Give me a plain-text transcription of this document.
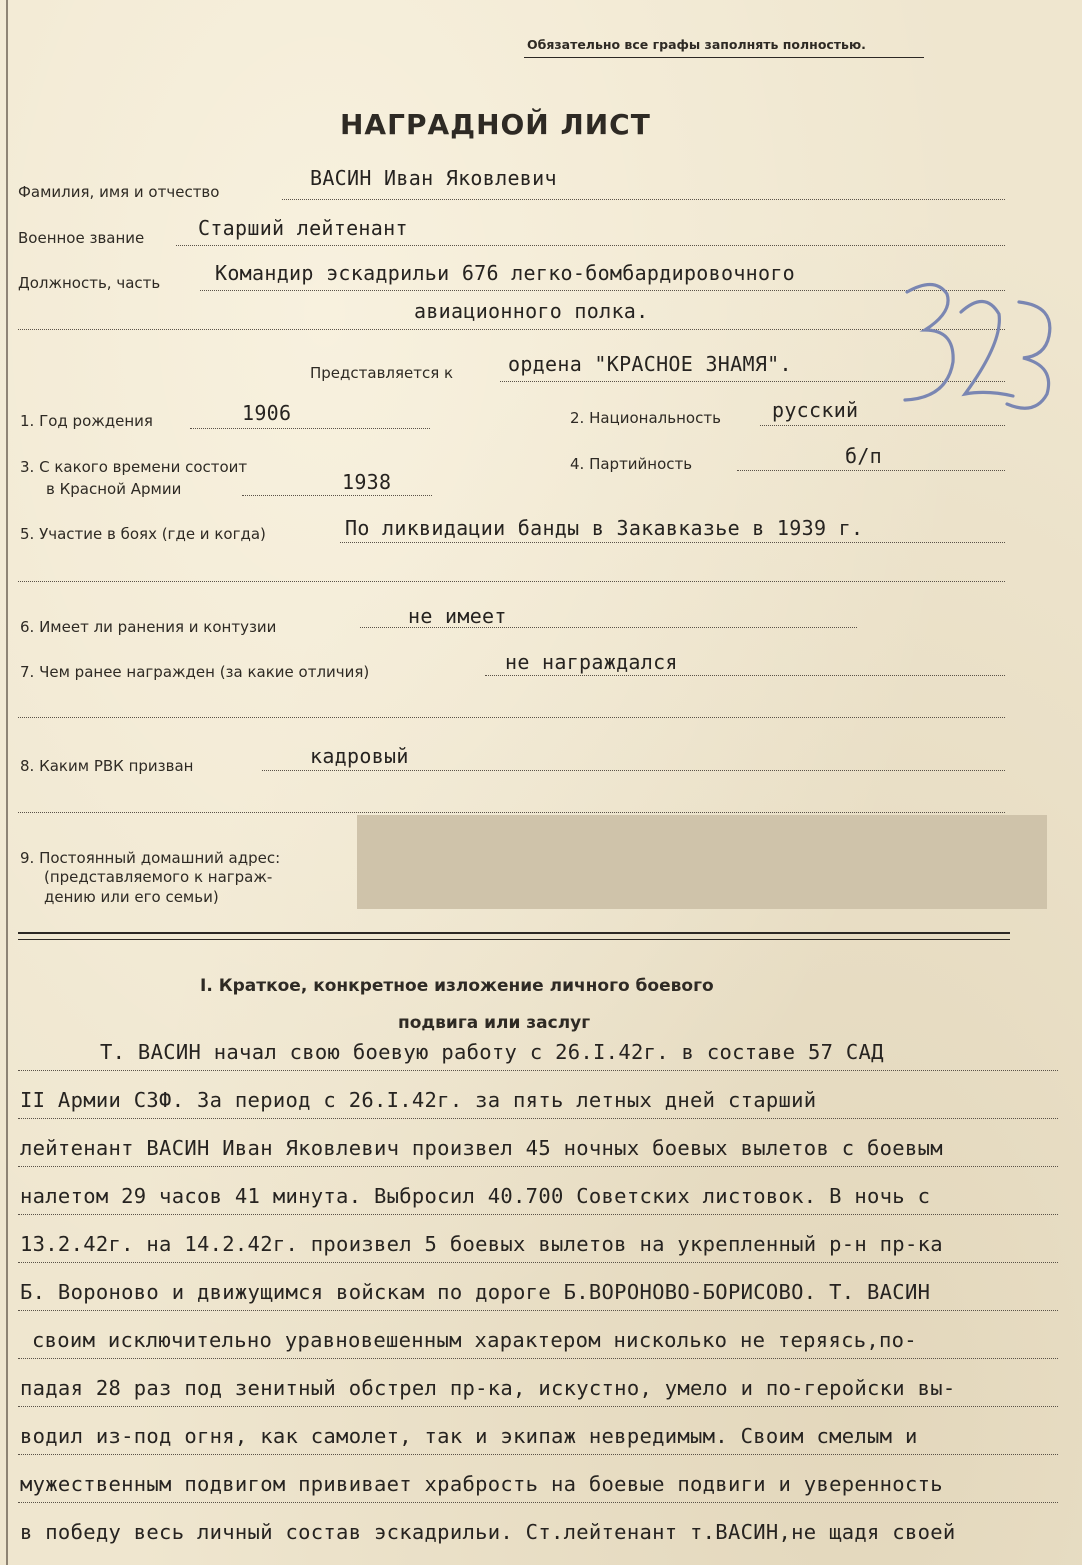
Обязательно все графы заполнять полностью.
НАГРАДНОЙ ЛИСТ
Фамилия, имя и отчество
ВАСИН Иван Яковлевич
Военное звание	Старший лейтенант
Должность, часть	Командир эскадрильи 676 легко-бомбардировочного
авиационного полка.
Представляется к	ордена "КРАСНОЕ ЗНАМЯ".
323
1. Год рождения	1906	2. Национальность	русский
3. С какого времени состоит
в Красной Армии	1938
4. Партийность	б/п
5. Участие в боях (где и когда)	По ликвидации банды в Закавказье в 1939 г.
6. Имеет ли ранения и контузии	не имеет
7. Чем ранее награжден (за какие отличия)	не награждался
8. Каким РВК призван	кадровый
9. Постоянный домашний адрес:
(представляемого к награж-
дению или его семьи)
I. Краткое, конкретное изложение личного боевого
подвига или заслуг
Т. ВАСИН начал свою боевую работу с 26.I.42г. в составе 57 САД
II Армии СЗФ. За период с 26.I.42г. за пять летных дней старший
лейтенант ВАСИН Иван Яковлевич произвел 45 ночных боевых вылетов с боевым
налетом 29 часов 41 минута. Выбросил 40.700 Советских листовок. В ночь с
13.2.42г. на 14.2.42г. произвел 5 боевых вылетов на укрепленный р-н пр-ка
Б. Вороново и движущимся войскам по дороге Б.ВОРОНОВО-БОРИСОВО. Т. ВАСИН
своим исключительно уравновешенным характером нисколько не теряясь,по-
падая 28 раз под зенитный обстрел пр-ка, искустно, умело и по-геройски вы-
водил из-под огня, как самолет, так и экипаж невредимым. Своим смелым и
мужественным подвигом прививает храбрость на боевые подвиги и уверенность
в победу весь личный состав эскадрильи. Ст.лейтенант т.ВАСИН,не щадя своей
